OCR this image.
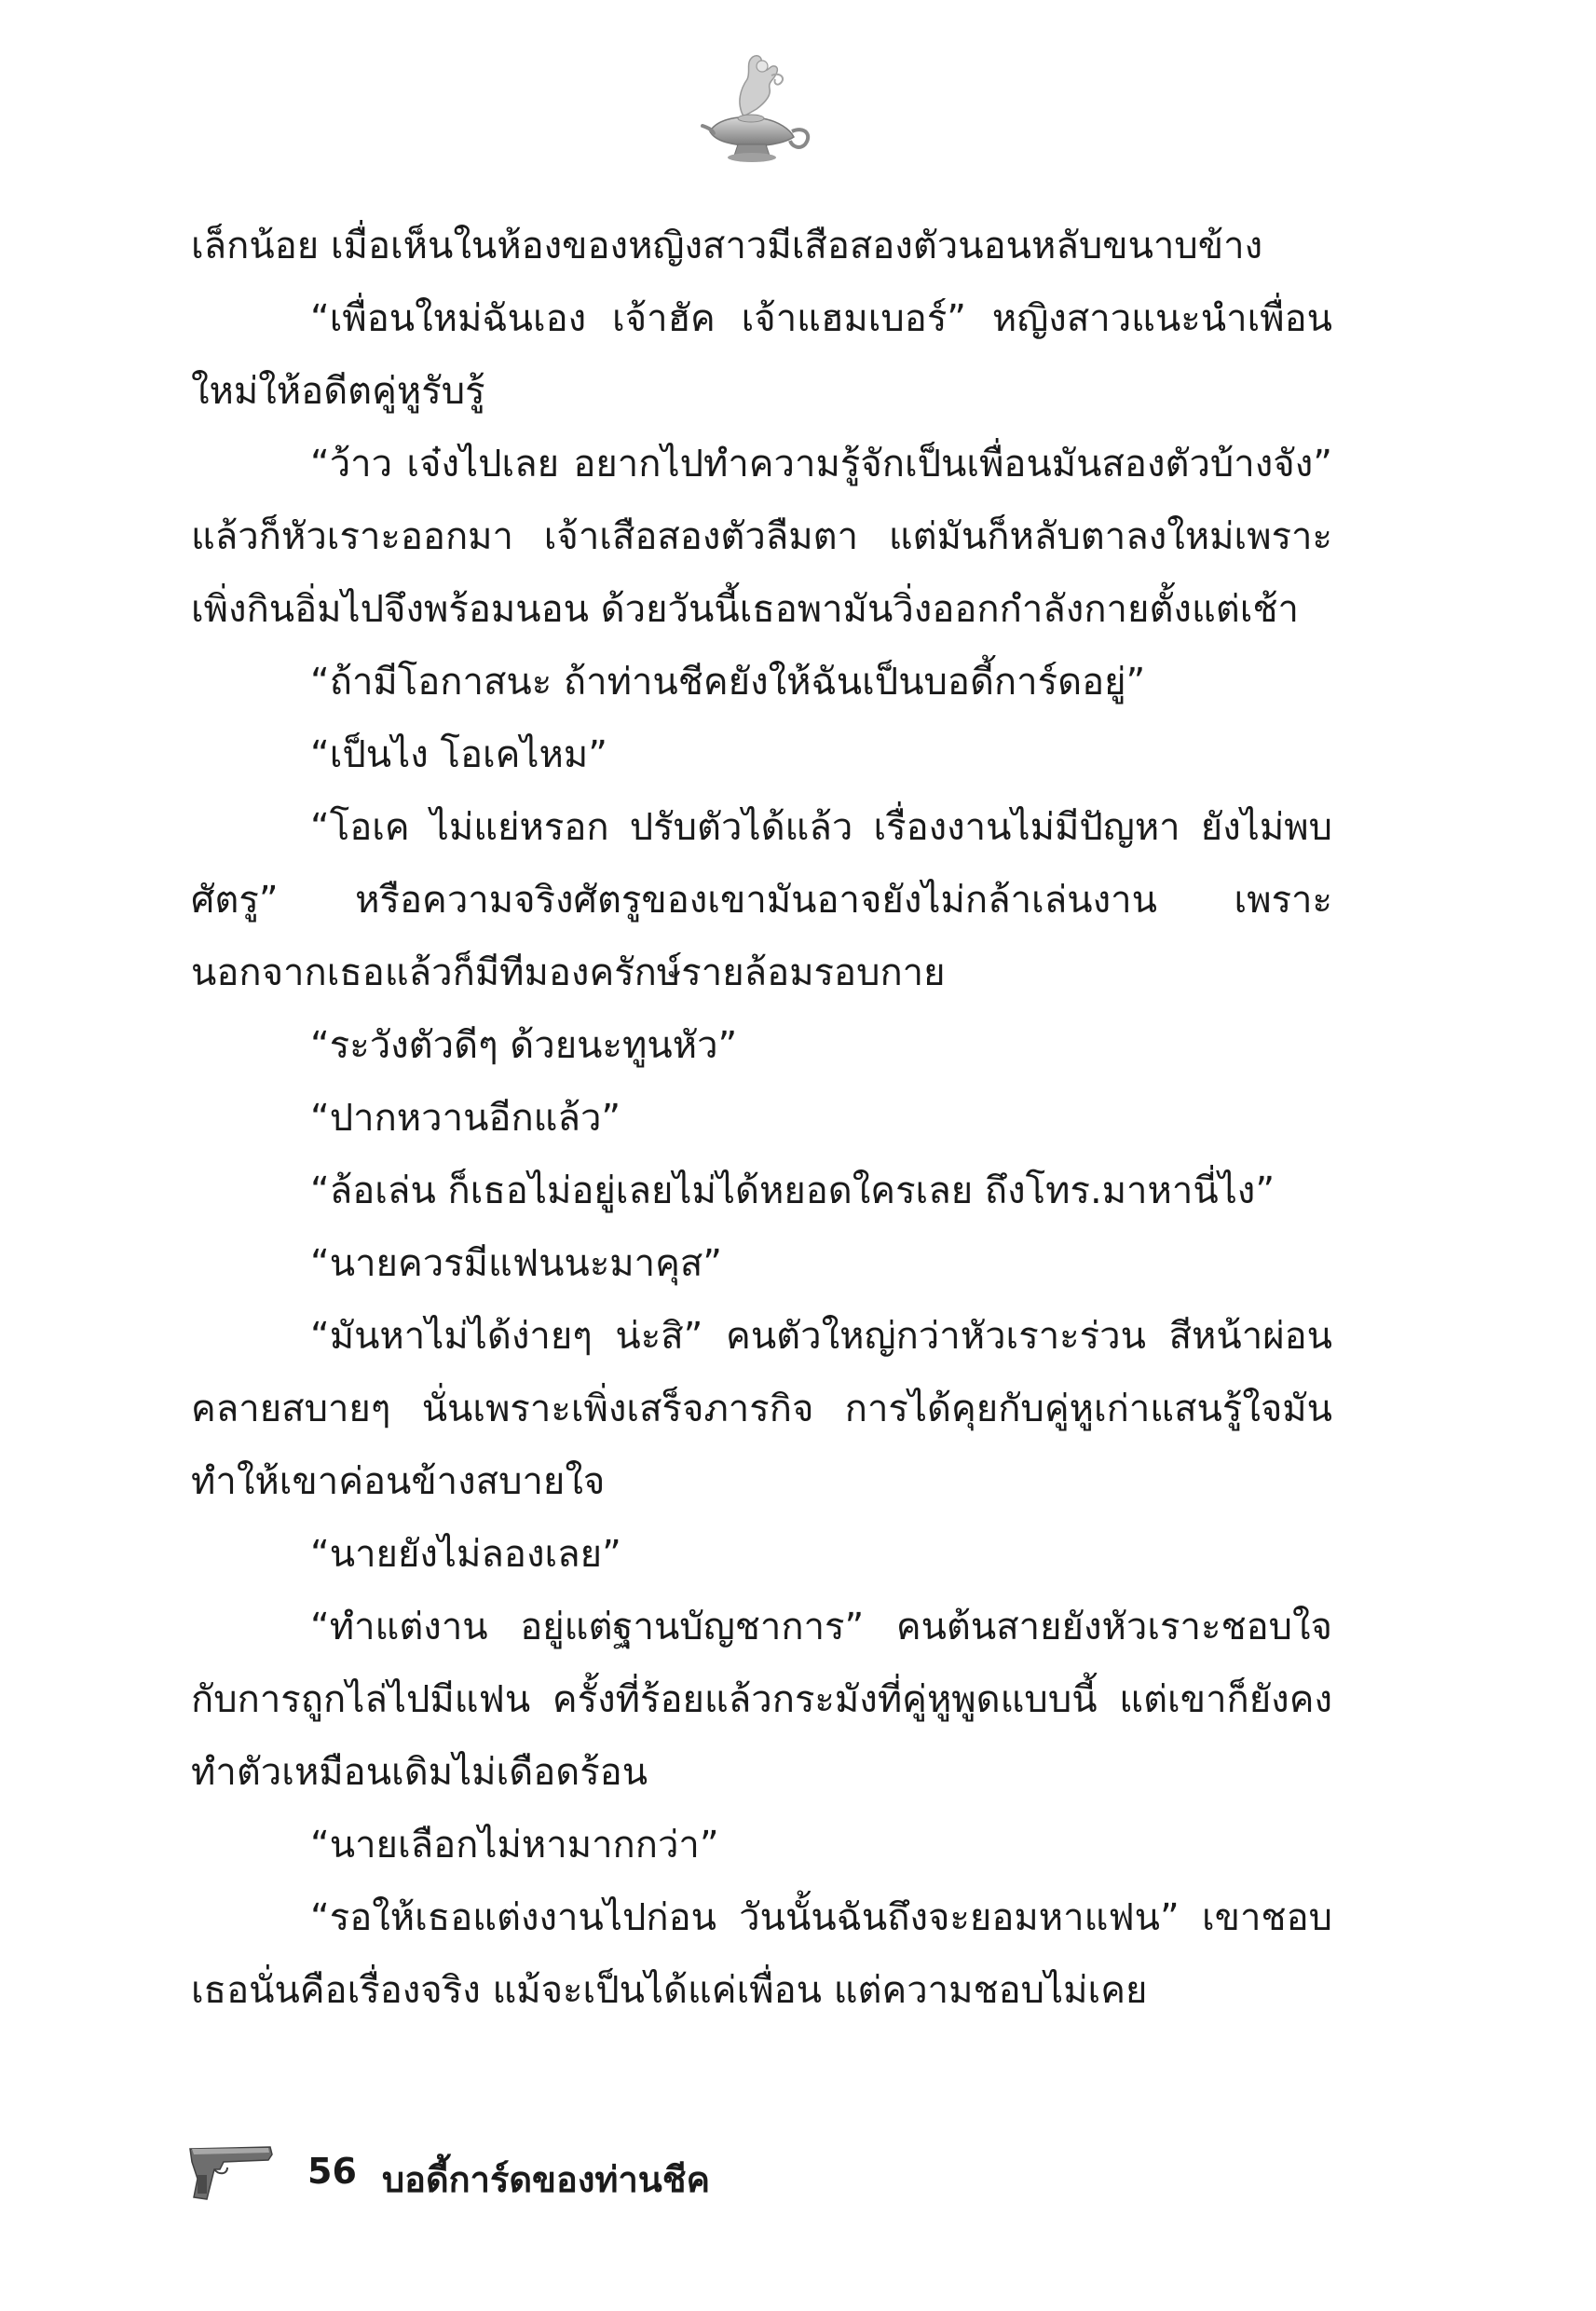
เล็กน้อย เมื่อเห็นในห้องของหญิงสาวมีเสือสองตัวนอนหลับขนาบข้าง

“เพื่อนใหม่ฉันเอง เจ้าฮัค เจ้าแฮมเบอร์” หญิงสาวแนะนำเพื่อนใหม่ให้อดีตคู่หูรับรู้

“ว้าว เจ๋งไปเลย อยากไปทำความรู้จักเป็นเพื่อนมันสองตัวบ้างจัง” แล้วก็หัวเราะออกมา เจ้าเสือสองตัวลืมตา แต่มันก็หลับตาลงใหม่เพราะเพิ่งกินอิ่มไปจึงพร้อมนอน ด้วยวันนี้เธอพามันวิ่งออกกำลังกายตั้งแต่เช้า

“ถ้ามีโอกาสนะ ถ้าท่านชีคยังให้ฉันเป็นบอดี้การ์ดอยู่”

“เป็นไง โอเคไหม”

“โอเค ไม่แย่หรอก ปรับตัวได้แล้ว เรื่องงานไม่มีปัญหา ยังไม่พบศัตรู” หรือความจริงศัตรูของเขามันอาจยังไม่กล้าเล่นงาน เพราะนอกจากเธอแล้วก็มีทีมองครักษ์รายล้อมรอบกาย

“ระวังตัวดีๆ ด้วยนะทูนหัว”

“ปากหวานอีกแล้ว”

“ล้อเล่น ก็เธอไม่อยู่เลยไม่ได้หยอดใครเลย ถึงโทร.มาหานี่ไง”

“นายควรมีแฟนนะมาคุส”

“มันหาไม่ได้ง่ายๆ น่ะสิ” คนตัวใหญ่กว่าหัวเราะร่วน สีหน้าผ่อนคลายสบายๆ นั่นเพราะเพิ่งเสร็จภารกิจ การได้คุยกับคู่หูเก่าแสนรู้ใจมันทำให้เขาค่อนข้างสบายใจ

“นายยังไม่ลองเลย”

“ทำแต่งาน อยู่แต่ฐานบัญชาการ” คนต้นสายยังหัวเราะชอบใจกับการถูกไล่ไปมีแฟน ครั้งที่ร้อยแล้วกระมังที่คู่หูพูดแบบนี้ แต่เขาก็ยังคงทำตัวเหมือนเดิมไม่เดือดร้อน

“นายเลือกไม่หามากกว่า”

“รอให้เธอแต่งงานไปก่อน วันนั้นฉันถึงจะยอมหาแฟน” เขาชอบเธอนั่นคือเรื่องจริง แม้จะเป็นได้แค่เพื่อน แต่ความชอบไม่เคย

56 บอดี้การ์ดของท่านชีค
